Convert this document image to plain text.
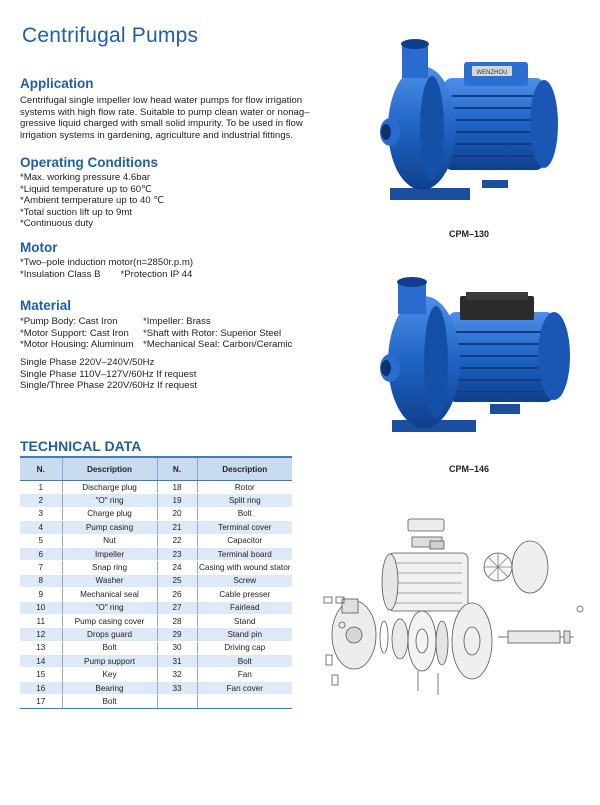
Centrifugal Pumps
Application
Centrifugal single impeller low head water pumps for flow irrigation
systems with high flow rate. Suitable to pump clean water or nonag–
gressive liquid charged with small solid impurity. To be used in flow
irrigation systems in gardening, agriculture and industrial fittings.
Operating Conditions
*Max. working pressure 4.6bar
*Liquid temperature up to 60℃
*Ambient temperature up to 40 ℃
*Total suction lift up to 9mt
*Continuous duty
Motor
*Two–pole induction motor(n=2850r.p.m)
*Insulation Class B *Protection IP 44
Material
*Pump Body: Cast Iron
*Motor Support: Cast Iron
*Motor Housing: Aluminum
*Impeller: Brass
*Shaft with Rotor: Superior Steel
*Mechanical Seal: Carbon/Ceramic
Single Phase 220V–240V/50Hz
Single Phase 110V–127V/60Hz If request
Single/Three Phase 220V/60Hz If request
WENZHOU
CPM–130
CPM–146
TECHNICAL DATA
N.	Description	N.	Description
1	Discharge plug	18	Rotor
2	"O" ring	19	Split ring
3	Charge plug	20	Bolt
4	Pump casing	21	Terminal cover
5	Nut	22	Capacitor
6	Impeller	23	Terminal board
7	Snap ring	24	Casing with wound stator
8	Washer	25	Screw
9	Mechanical seal	26	Cable presser
10	"O" ring	27	Fairlead
11	Pump casing cover	28	Stand
12	Drops guard	29	Stand pin
13	Bolt	30	Driving cap
14	Pump support	31	Bolt
15	Key	32	Fan
16	Bearing	33	Fan cover
17	Bolt		
